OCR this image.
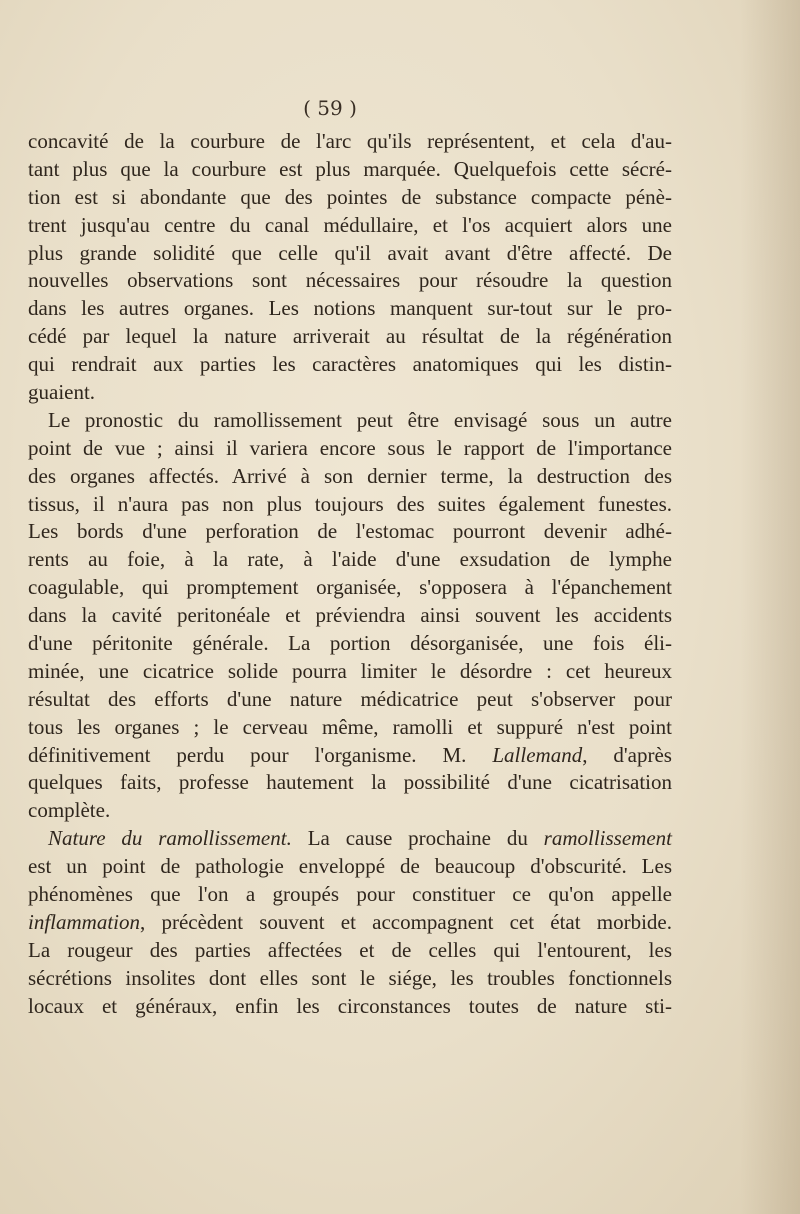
( 59 )
concavité de la courbure de l'arc qu'ils représentent, et cela d'au-
tant plus que la courbure est plus marquée. Quelquefois cette sécré-
tion est si abondante que des pointes de substance compacte pénè-
trent jusqu'au centre du canal médullaire, et l'os acquiert alors une
plus grande solidité que celle qu'il avait avant d'être affecté. De
nouvelles observations sont nécessaires pour résoudre la question
dans les autres organes. Les notions manquent sur-tout sur le pro-
cédé par lequel la nature arriverait au résultat de la régénération
qui rendrait aux parties les caractères anatomiques qui les distin-
guaient.
Le pronostic du ramollissement peut être envisagé sous un autre
point de vue ; ainsi il variera encore sous le rapport de l'importance
des organes affectés. Arrivé à son dernier terme, la destruction des
tissus, il n'aura pas non plus toujours des suites également funestes.
Les bords d'une perforation de l'estomac pourront devenir adhé-
rents au foie, à la rate, à l'aide d'une exsudation de lymphe
coagulable, qui promptement organisée, s'opposera à l'épanchement
dans la cavité peritonéale et préviendra ainsi souvent les accidents
d'une péritonite générale. La portion désorganisée, une fois éli-
minée, une cicatrice solide pourra limiter le désordre : cet heureux
résultat des efforts d'une nature médicatrice peut s'observer pour
tous les organes ; le cerveau même, ramolli et suppuré n'est point
définitivement perdu pour l'organisme. M. Lallemand, d'après
quelques faits, professe hautement la possibilité d'une cicatrisation
complète.
Nature du ramollissement. La cause prochaine du ramollissement
est un point de pathologie enveloppé de beaucoup d'obscurité. Les
phénomènes que l'on a groupés pour constituer ce qu'on appelle
inflammation, précèdent souvent et accompagnent cet état morbide.
La rougeur des parties affectées et de celles qui l'entourent, les
sécrétions insolites dont elles sont le siége, les troubles fonctionnels
locaux et généraux, enfin les circonstances toutes de nature sti-
